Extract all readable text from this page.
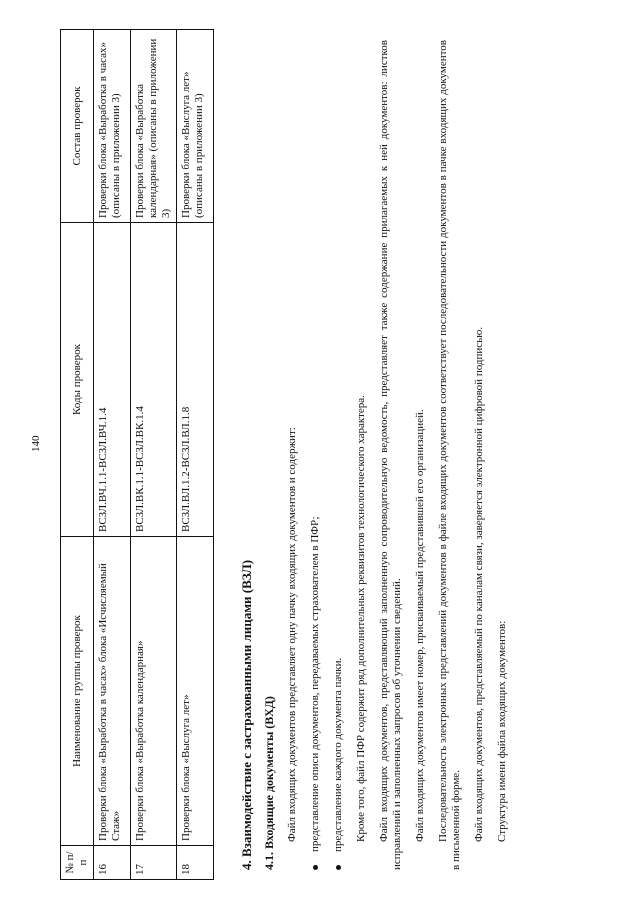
140
№ п/п	Наименование группы проверок	Коды проверок	Состав проверок
16	Проверки блока «Выработка в часах» блока «Исчисляемый Стаж»	ВСЗЛ.ВЧ.1.1-ВСЗЛ.ВЧ.1.4	Проверки блока «Выработка в часах» (описаны в приложении 3)
17	Проверки блока «Выработка календарная»	ВСЗЛ.ВК.1.1-ВСЗЛ.ВК.1.4	Проверки блока «Выработка календарная» (описаны в приложении 3)
18	Проверки блока «Выслуга лет»	ВСЗЛ.ВЛ.1.2-ВСЗЛ.ВЛ.1.8	Проверки блока «Выслуга лет» (описаны в приложении 3)
4. Взаимодействие с застрахованными лицами (ВЗЛ) 4.1. Входящие документы (ВХД) Файл входящих документов представляет одну пачку входящих документов и содержит: представление описи документов, передаваемых страхователем в ПФР; представление каждого документа пачки. Кроме того, файл ПФР содержит ряд дополнительных реквизитов технологического характера. Файл входящих документов, представляющий заполненную сопроводительную ведомость, представляет также содержание прилагаемых к ней документов: листков исправлений и заполненных запросов об уточнении сведений. Файл входящих документов имеет номер, присваиваемый представившей его организацией. Последовательность электронных представлений документов в файле входящих документов соответствует последовательности документов в пачке входящих документов в письменной форме. Файл входящих документов, представляемый по каналам связи, заверяется электронной цифровой подписью. Структура имени файла входящих документов:
